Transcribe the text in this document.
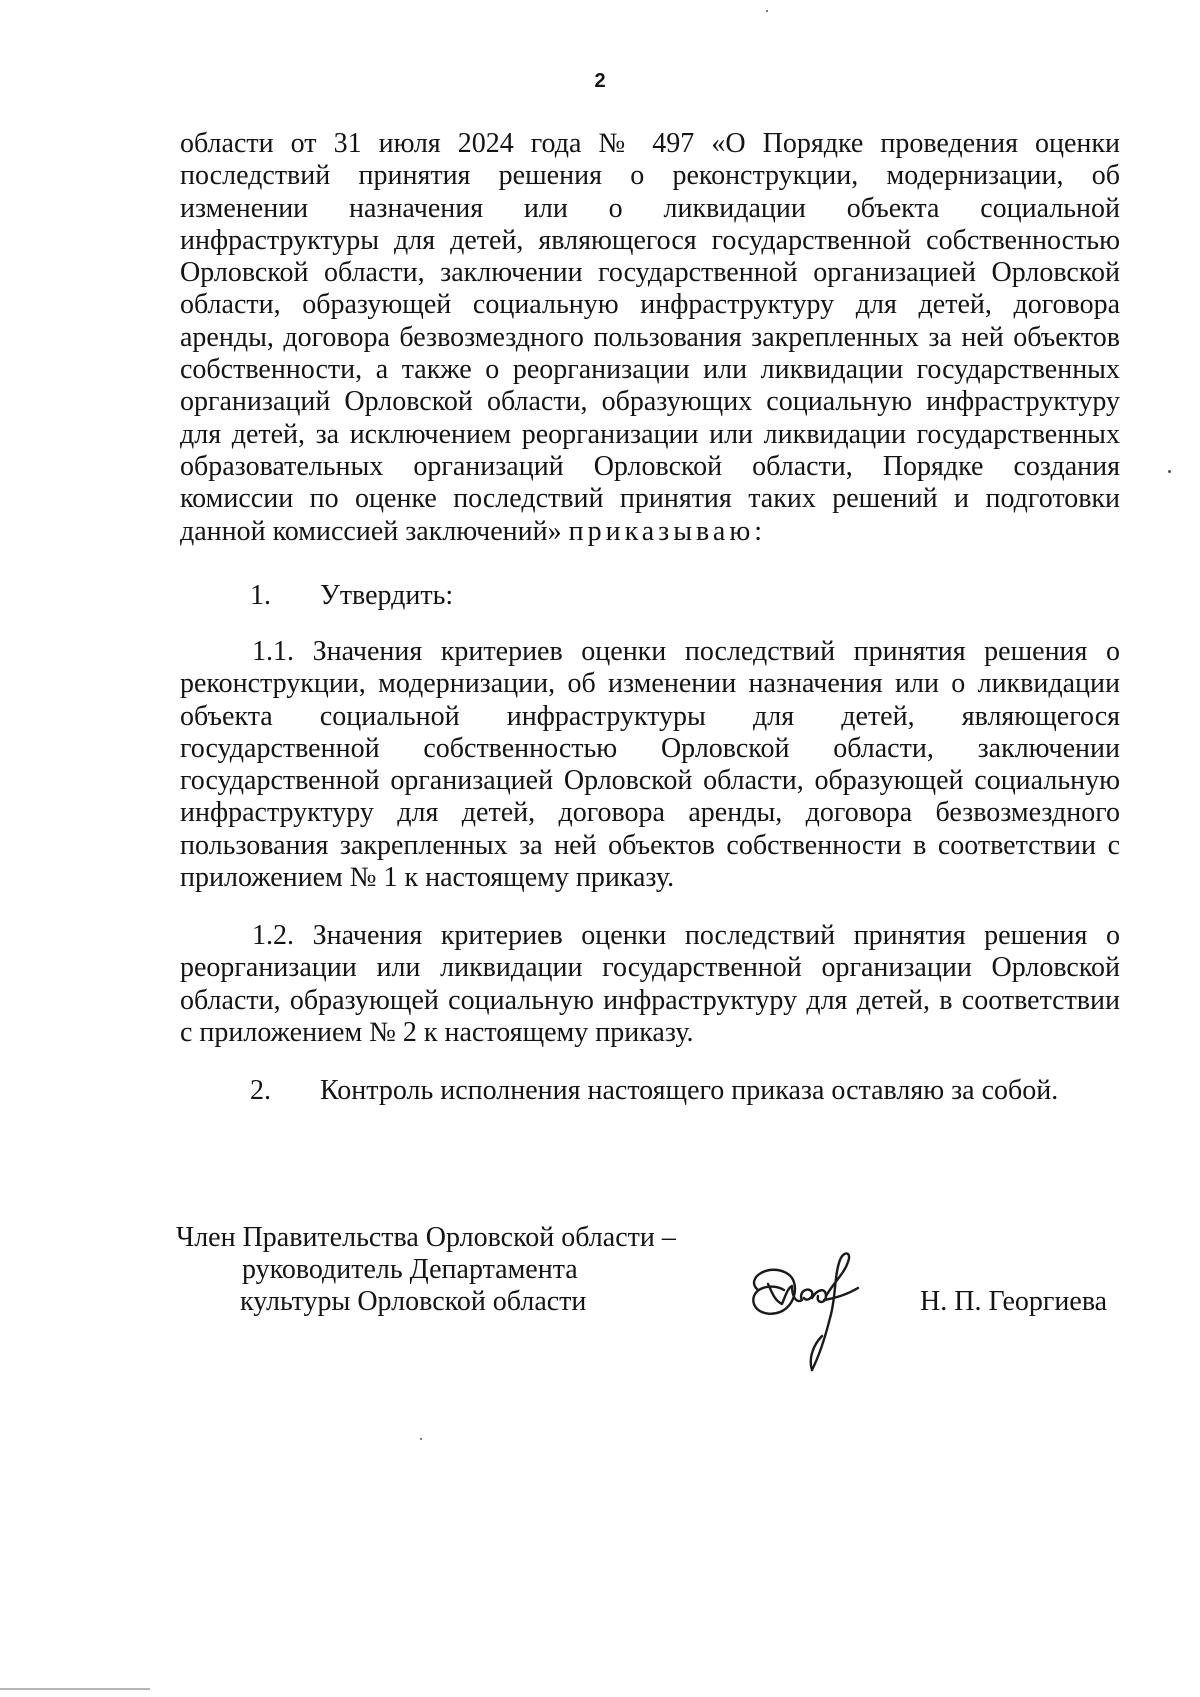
2

области от 31 июля 2024 года № 497 «О Порядке проведения оценки последствий принятия решения о реконструкции, модернизации, об изменении назначения или о ликвидации объекта социальной инфраструктуры для детей, являющегося государственной собственностью Орловской области, заключении государственной организацией Орловской области, образующей социальную инфраструктуру для детей, договора аренды, договора безвозмездного пользования закрепленных за ней объектов собственности, а также о реорганизации или ликвидации государственных организаций Орловской области, образующих социальную инфраструктуру для детей, за исключением реорганизации или ликвидации государственных образовательных организаций Орловской области, Порядке создания комиссии по оценке последствий принятия таких решений и подготовки данной комиссией заключений» приказываю:

1. Утвердить:

1.1. Значения критериев оценки последствий принятия решения о реконструкции, модернизации, об изменении назначения или о ликвидации объекта социальной инфраструктуры для детей, являющегося государственной собственностью Орловской области, заключении государственной организацией Орловской области, образующей социальную инфраструктуру для детей, договора аренды, договора безвозмездного пользования закрепленных за ней объектов собственности в соответствии с приложением № 1 к настоящему приказу.

1.2. Значения критериев оценки последствий принятия решения о реорганизации или ликвидации государственной организации Орловской области, образующей социальную инфраструктуру для детей, в соответствии с приложением № 2 к настоящему приказу.

2. Контроль исполнения настоящего приказа оставляю за собой.
Член Правительства Орловской области –
руководитель Департамента
культуры Орловской области	Н. П. Георгиева
